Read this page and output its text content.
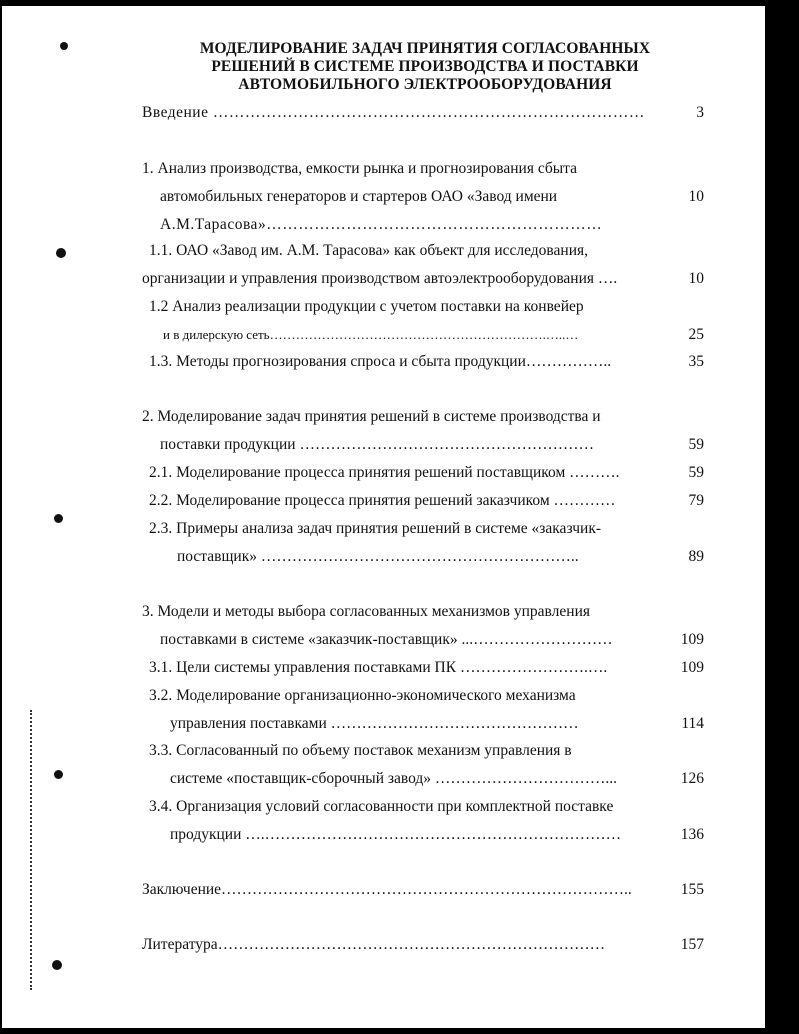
МОДЕЛИРОВАНИЕ ЗАДАЧ ПРИНЯТИЯ СОГЛАСОВАННЫХ
РЕШЕНИЙ В СИСТЕМЕ ПРОИЗВОДСТВА И ПОСТАВКИ
АВТОМОБИЛЬНОГО ЭЛЕКТРООБОРУДОВАНИЯ
Введение ………………………………………………………………………	3
1. Анализ производства, емкости рынка и прогнозирования сбыта
автомобильных генераторов и стартеров ОАО «Завод имени	10
А.М.Тарасова»………………………………………………………
1.1. ОАО «Завод им. А.М. Тарасова» как объект для исследования,
организации и управления производством автоэлектрооборудования ….	10
1.2 Анализ реализации продукции с учетом поставки на конвейер
и в дилерскую сеть……………………………………………………….…..…	25
1.3. Методы прогнозирования спроса и сбыта продукции……………..	35
2. Моделирование задач принятия решений в системе производства и
поставки продукции …………………………………………………	59
2.1. Моделирование процесса принятия решений поставщиком ……….	59
2.2. Моделирование процесса принятия решений заказчиком …………	79
2.3. Примеры анализа задач принятия решений в системе «заказчик-
поставщик» ……………………………………………………..	89
3. Модели и методы выбора согласованных механизмов управления
поставками в системе «заказчик-поставщик» ...………………………	109
3.1. Цели системы управления поставками ПК …………………….….	109
3.2. Моделирование организационно-экономического механизма
управления поставками …………………………………………	114
3.3. Согласованный по объему поставок механизм управления в
системе «поставщик-сборочный завод» ……………………………...	126
3.4. Организация условий согласованности при комплектной поставке
продукции ….……………………………………………………………	136
Заключение……………………………………………………………………..	155
Литература…………………………………………………………………	157
